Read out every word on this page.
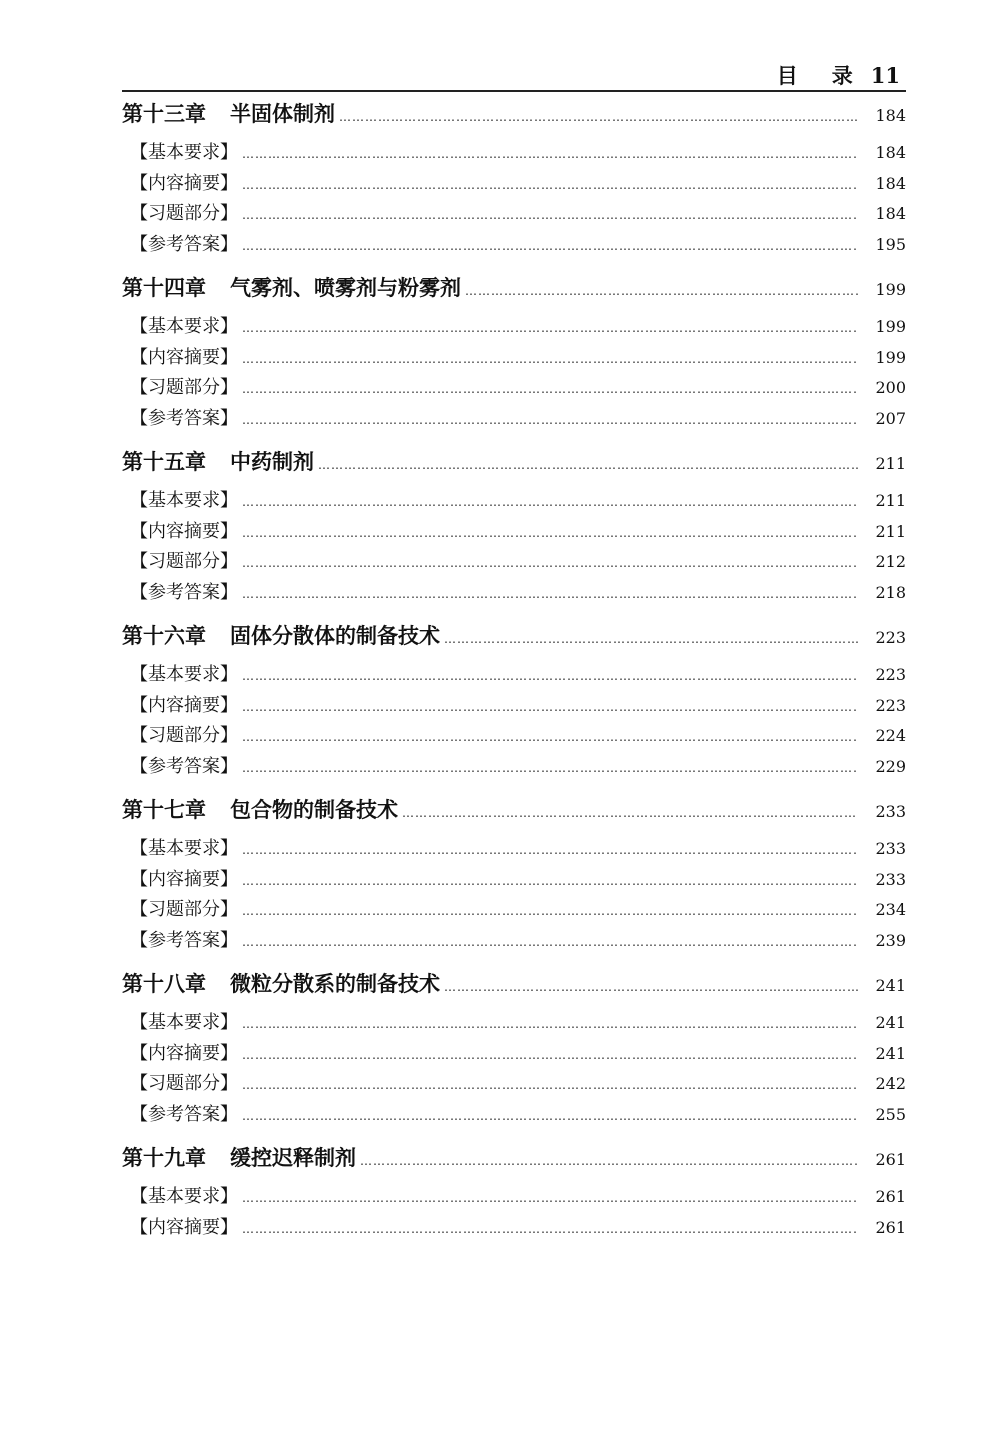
目 录 11
第十三章 半固体制剂 ……………………………………………………………………………………………………………………………………………………………………………………………………………………………………………………………………………………………	184
【基本要求】 ……………………………………………………………………………………………………………………………………………………………………………………………………………………………………………………………………………………………	184
【内容摘要】 ……………………………………………………………………………………………………………………………………………………………………………………………………………………………………………………………………………………………	184
【习题部分】 ……………………………………………………………………………………………………………………………………………………………………………………………………………………………………………………………………………………………	184
【参考答案】 ……………………………………………………………………………………………………………………………………………………………………………………………………………………………………………………………………………………………	195
第十四章 气雾剂、喷雾剂与粉雾剂 ……………………………………………………………………………………………………………………………………………………………………………………………………………………………………………………………………………………………	199
【基本要求】 ……………………………………………………………………………………………………………………………………………………………………………………………………………………………………………………………………………………………	199
【内容摘要】 ……………………………………………………………………………………………………………………………………………………………………………………………………………………………………………………………………………………………	199
【习题部分】 ……………………………………………………………………………………………………………………………………………………………………………………………………………………………………………………………………………………………	200
【参考答案】 ……………………………………………………………………………………………………………………………………………………………………………………………………………………………………………………………………………………………	207
第十五章 中药制剂 ……………………………………………………………………………………………………………………………………………………………………………………………………………………………………………………………………………………………	211
【基本要求】 ……………………………………………………………………………………………………………………………………………………………………………………………………………………………………………………………………………………………	211
【内容摘要】 ……………………………………………………………………………………………………………………………………………………………………………………………………………………………………………………………………………………………	211
【习题部分】 ……………………………………………………………………………………………………………………………………………………………………………………………………………………………………………………………………………………………	212
【参考答案】 ……………………………………………………………………………………………………………………………………………………………………………………………………………………………………………………………………………………………	218
第十六章 固体分散体的制备技术 ……………………………………………………………………………………………………………………………………………………………………………………………………………………………………………………………………………………………	223
【基本要求】 ……………………………………………………………………………………………………………………………………………………………………………………………………………………………………………………………………………………………	223
【内容摘要】 ……………………………………………………………………………………………………………………………………………………………………………………………………………………………………………………………………………………………	223
【习题部分】 ……………………………………………………………………………………………………………………………………………………………………………………………………………………………………………………………………………………………	224
【参考答案】 ……………………………………………………………………………………………………………………………………………………………………………………………………………………………………………………………………………………………	229
第十七章 包合物的制备技术 ……………………………………………………………………………………………………………………………………………………………………………………………………………………………………………………………………………………………	233
【基本要求】 ……………………………………………………………………………………………………………………………………………………………………………………………………………………………………………………………………………………………	233
【内容摘要】 ……………………………………………………………………………………………………………………………………………………………………………………………………………………………………………………………………………………………	233
【习题部分】 ……………………………………………………………………………………………………………………………………………………………………………………………………………………………………………………………………………………………	234
【参考答案】 ……………………………………………………………………………………………………………………………………………………………………………………………………………………………………………………………………………………………	239
第十八章 微粒分散系的制备技术 ……………………………………………………………………………………………………………………………………………………………………………………………………………………………………………………………………………………………	241
【基本要求】 ……………………………………………………………………………………………………………………………………………………………………………………………………………………………………………………………………………………………	241
【内容摘要】 ……………………………………………………………………………………………………………………………………………………………………………………………………………………………………………………………………………………………	241
【习题部分】 ……………………………………………………………………………………………………………………………………………………………………………………………………………………………………………………………………………………………	242
【参考答案】 ……………………………………………………………………………………………………………………………………………………………………………………………………………………………………………………………………………………………	255
第十九章 缓控迟释制剂 ……………………………………………………………………………………………………………………………………………………………………………………………………………………………………………………………………………………………	261
【基本要求】 ……………………………………………………………………………………………………………………………………………………………………………………………………………………………………………………………………………………………	261
【内容摘要】 ……………………………………………………………………………………………………………………………………………………………………………………………………………………………………………………………………………………………	261
